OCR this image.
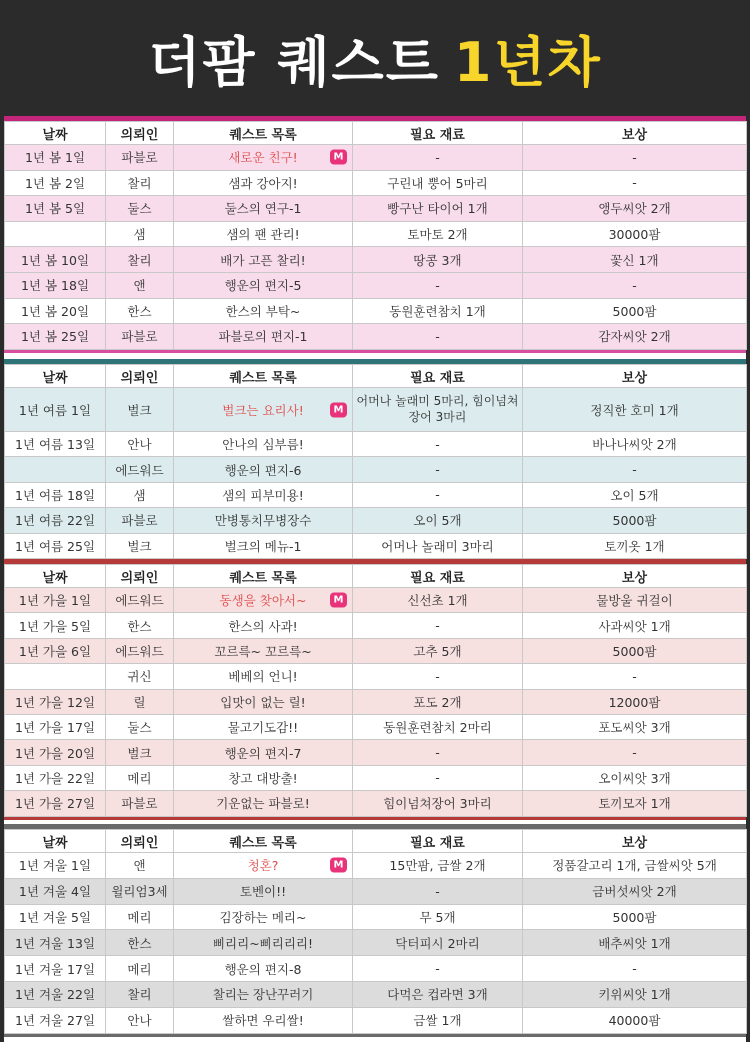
더팜 퀘스트 1년차
날짜	의뢰인	퀘스트 목록	필요 재료	보상
1년 봄 1일	파블로	새로운 친구! M	-	-
1년 봄 2일	찰리	샘과 강아지!	구린내 뿡어 5마리	-
1년 봄 5일	둘스	둘스의 연구-1	빵구난 타이어 1개	앵두씨앗 2개
	샘	샘의 팬 관리!	토마토 2개	30000팜
1년 봄 10일	찰리	배가 고픈 찰리!	땅콩 3개	꽃신 1개
1년 봄 18일	앤	행운의 편지-5	-	-
1년 봄 20일	한스	한스의 부탁~	동원훈련참치 1개	5000팜
1년 봄 25일	파블로	파블로의 편지-1	-	감자씨앗 2개
날짜	의뢰인	퀘스트 목록	필요 재료	보상
1년 여름 1일	벌크	벌크는 요리사! M	어머나 놀래미 5마리, 힘이넘쳐장어 3마리	정직한 호미 1개
1년 여름 13일	안나	안나의 심부름!	-	바나나씨앗 2개
	에드워드	행운의 편지-6	-	-
1년 여름 18일	샘	샘의 피부미용!	-	오이 5개
1년 여름 22일	파블로	만병통치무병장수	오이 5개	5000팜
1년 여름 25일	벌크	벌크의 메뉴-1	어머나 놀래미 3마리	토끼옷 1개
날짜	의뢰인	퀘스트 목록	필요 재료	보상
1년 가을 1일	에드워드	동생을 찾아서~ M	신선초 1개	물방울 귀걸이
1년 가을 5일	한스	한스의 사과!	-	사과씨앗 1개
1년 가을 6일	에드워드	꼬르륵~ 꼬르륵~	고추 5개	5000팜
	귀신	베베의 언니!	-	-
1년 가을 12일	릴	입맛이 없는 릴!	포도 2개	12000팜
1년 가을 17일	둘스	물고기도감!!	동원훈련참치 2마리	포도씨앗 3개
1년 가을 20일	벌크	행운의 편지-7	-	-
1년 가을 22일	메리	창고 대방출!	-	오이씨앗 3개
1년 가을 27일	파블로	기운없는 파블로!	힘이넘쳐장어 3마리	토끼모자 1개
날짜	의뢰인	퀘스트 목록	필요 재료	보상
1년 겨울 1일	앤	청혼? M	15만팜, 금쌀 2개	정품갈고리 1개, 금쌀씨앗 5개
1년 겨울 4일	윌리엄3세	토벤이!!	-	금버섯씨앗 2개
1년 겨울 5일	메리	김장하는 메리~	무 5개	5000팜
1년 겨울 13일	한스	삐리리~삐리리리!	닥터피시 2마리	배추씨앗 1개
1년 겨울 17일	메리	행운의 편지-8	-	-
1년 겨울 22일	찰리	찰리는 장난꾸러기	다먹은 컵라면 3개	키위씨앗 1개
1년 겨울 27일	안나	쌀하면 우리쌀!	금쌀 1개	40000팜
